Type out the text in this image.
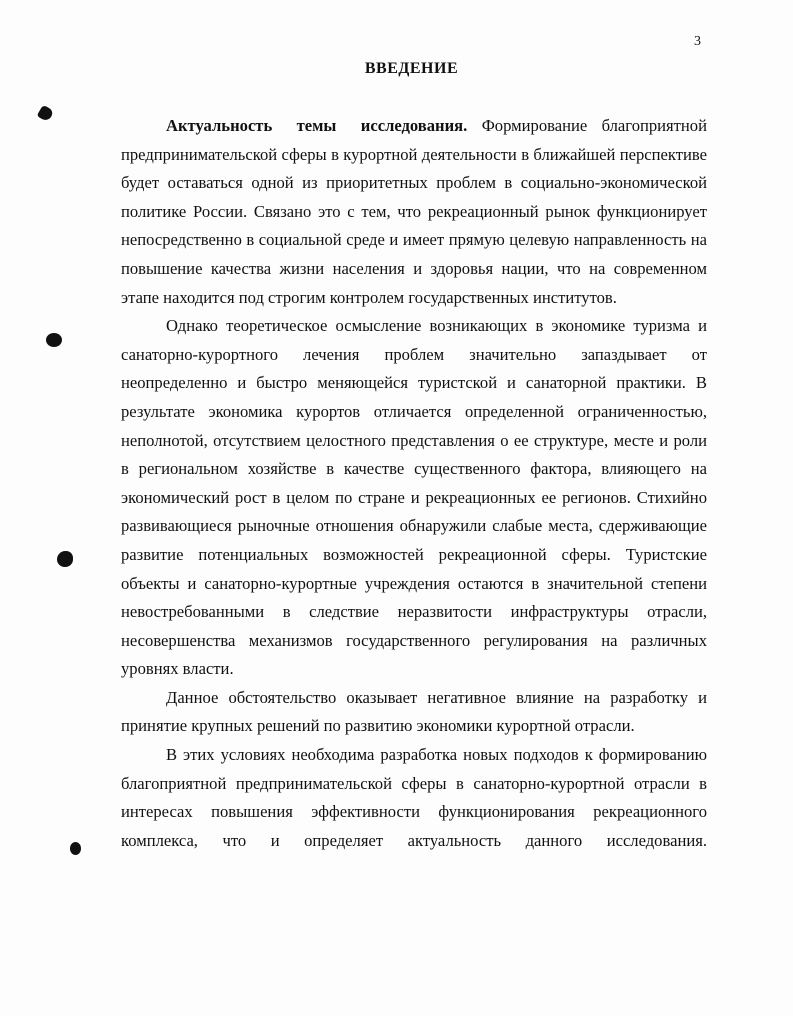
3
ВВЕДЕНИЕ

Актуальность темы исследования. Формирование благоприятной предпринимательской сферы в курортной деятельности в ближайшей перспективе будет оставаться одной из приоритетных проблем в социально-экономической политике России. Связано это с тем, что рекреационный рынок функционирует непосредственно в социальной среде и имеет прямую целевую направленность на повышение качества жизни населения и здоровья нации, что на современном этапе находится под строгим контролем государственных институтов.

Однако теоретическое осмысление возникающих в экономике туризма и санаторно-курортного лечения проблем значительно запаздывает от неопределенно и быстро меняющейся туристской и санаторной практики. В результате экономика курортов отличается определенной ограниченностью, неполнотой, отсутствием целостного представления о ее структуре, месте и роли в региональном хозяйстве в качестве существенного фактора, влияющего на экономический рост в целом по стране и рекреационных ее регионов. Стихийно развивающиеся рыночные отношения обнаружили слабые места, сдерживающие развитие потенциальных возможностей рекреационной сферы. Туристские объекты и санаторно-курортные учреждения остаются в значительной степени невостребованными в следствие неразвитости инфраструктуры отрасли, несовершенства механизмов государственного регулирования на различных уровнях власти.

Данное обстоятельство оказывает негативное влияние на разработку и принятие крупных решений по развитию экономики курортной отрасли.

В этих условиях необходима разработка новых подходов к формированию благоприятной предпринимательской сферы в санаторно-курортной отрасли в интересах повышения эффективности функционирования рекреационного комплекса, что и определяет актуальность данного исследования.
